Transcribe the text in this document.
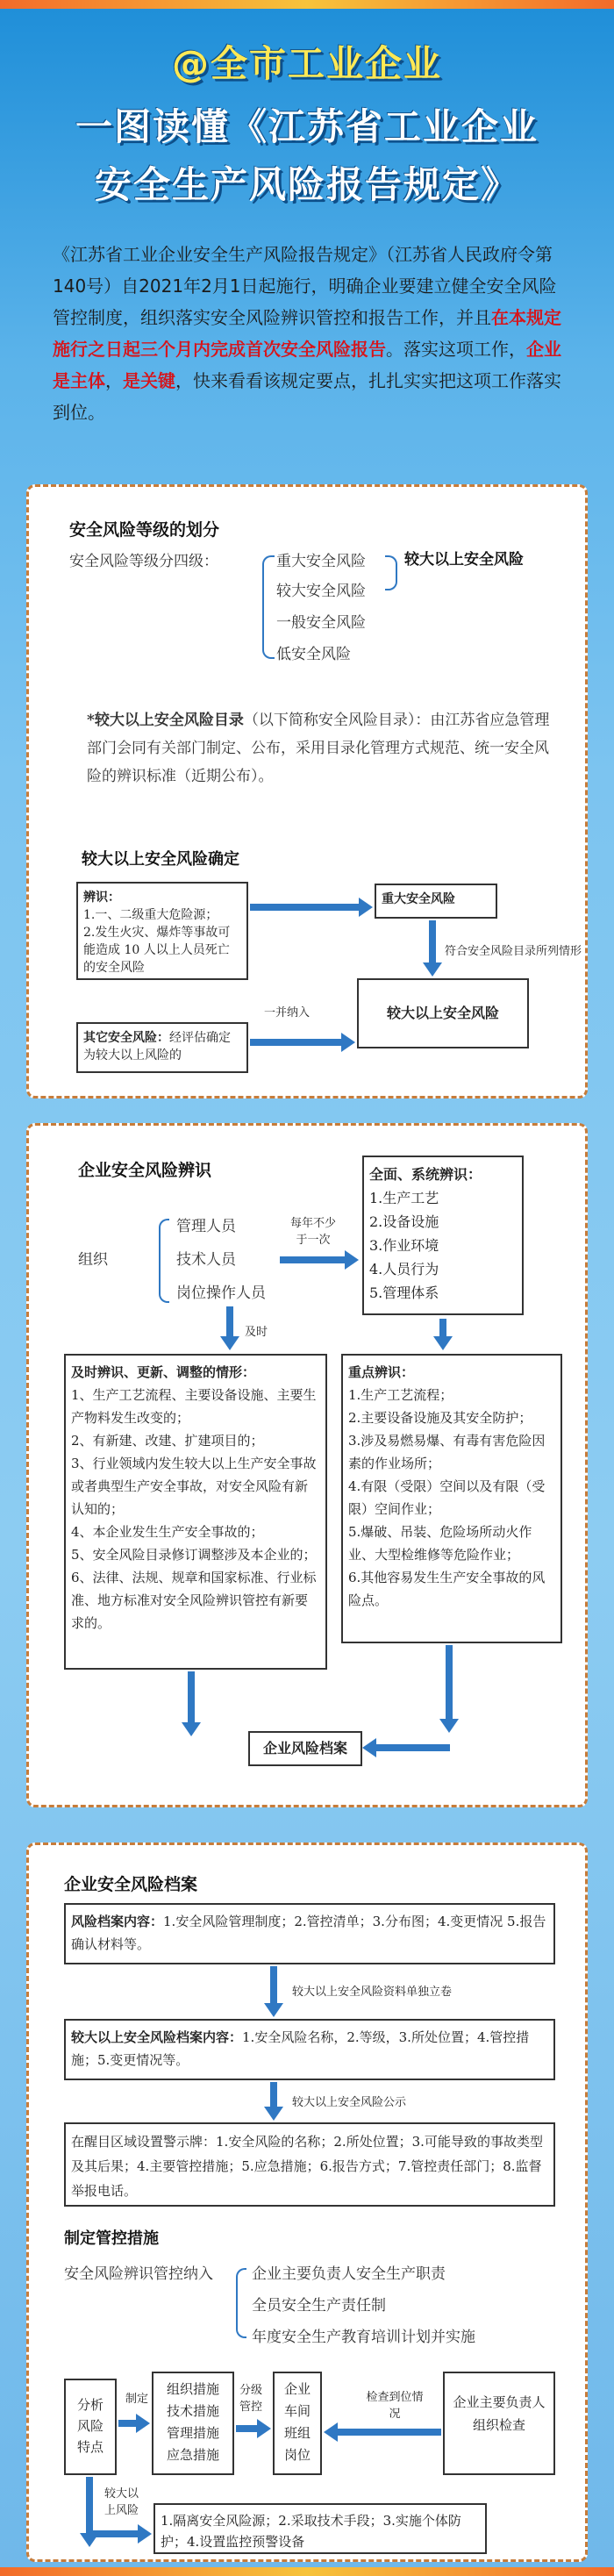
@全市工业企业
一图读懂《江苏省工业企业
安全生产风险报告规定》

《江苏省工业企业安全生产风险报告规定》（江苏省人民政府令第140号）自2021年2月1日起施行，明确企业要建立健全安全风险管控制度，组织落实安全风险辨识管控和报告工作，并且在本规定施行之日起三个月内完成首次安全风险报告。落实这项工作，企业是主体，是关键，快来看看该规定要点，扎扎实实把这项工作落实到位。

安全风险等级的划分
安全风险等级分四级：	重大安全风险
较大安全风险
一般安全风险
低安全风险
较大以上安全风险

*较大以上安全风险目录（以下简称安全风险目录）：由江苏省应急管理部门会同有关部门制定、公布，采用目录化管理方式规范、统一安全风险的辨识标准（近期公布）。

较大以上安全风险确定
辨识：
1.一、二级重大危险源；
2.发生火灾、爆炸等事故可能造成 10 人以上人员死亡的安全风险
重大安全风险
符合安全风险目录所列情形
其它安全风险：经评估确定为较大以上风险的
一并纳入	较大以上安全风险
企业安全风险辨识
组织
管理人员
技术人员
岗位操作人员
每年不少于一次
全面、系统辨识：
1.生产工艺
2.设备设施
3.作业环境
4.人员行为
5.管理体系
及时
及时辨识、更新、调整的情形：
1、生产工艺流程、主要设备设施、主要生产物料发生改变的；
2、有新建、改建、扩建项目的；
3、行业领域内发生较大以上生产安全事故或者典型生产安全事故，对安全风险有新认知的；
4、本企业发生生产安全事故的；
5、安全风险目录修订调整涉及本企业的；
6、法律、法规、规章和国家标准、行业标准、地方标准对安全风险辨识管控有新要求的。
重点辨识：
1.生产工艺流程；
2.主要设备设施及其安全防护；
3.涉及易燃易爆、有毒有害危险因素的作业场所；
4.有限（受限）空间以及有限（受限）空间作业；
5.爆破、吊装、危险场所动火作业、大型检维修等危险作业；
6.其他容易发生生产安全事故的风险点。
企业风险档案
企业安全风险档案
风险档案内容：1.安全风险管理制度；2.管控清单；3.分布图；4.变更情况 5.报告确认材料等。
较大以上安全风险资料单独立卷
较大以上安全风险档案内容：1.安全风险名称，2.等级，3.所处位置；4.管控措施；5.变更情况等。
较大以上安全风险公示
在醒目区域设置警示牌：1.安全风险的名称；2.所处位置；3.可能导致的事故类型及其后果；4.主要管控措施；5.应急措施；6.报告方式；7.管控责任部门；8.监督举报电话。
制定管控措施
安全风险辨识管控纳入	企业主要负责人安全生产职责
全员安全生产责任制
年度安全生产教育培训计划并实施
分析风险特点
制定
组织措施
技术措施
管理措施
应急措施
分级管控
企业
车间
班组
岗位
检查到位情况
企业主要负责人组织检查
较大以上风险
1.隔离安全风险源；2.采取技术手段；3.实施个体防护；4.设置监控预警设备
